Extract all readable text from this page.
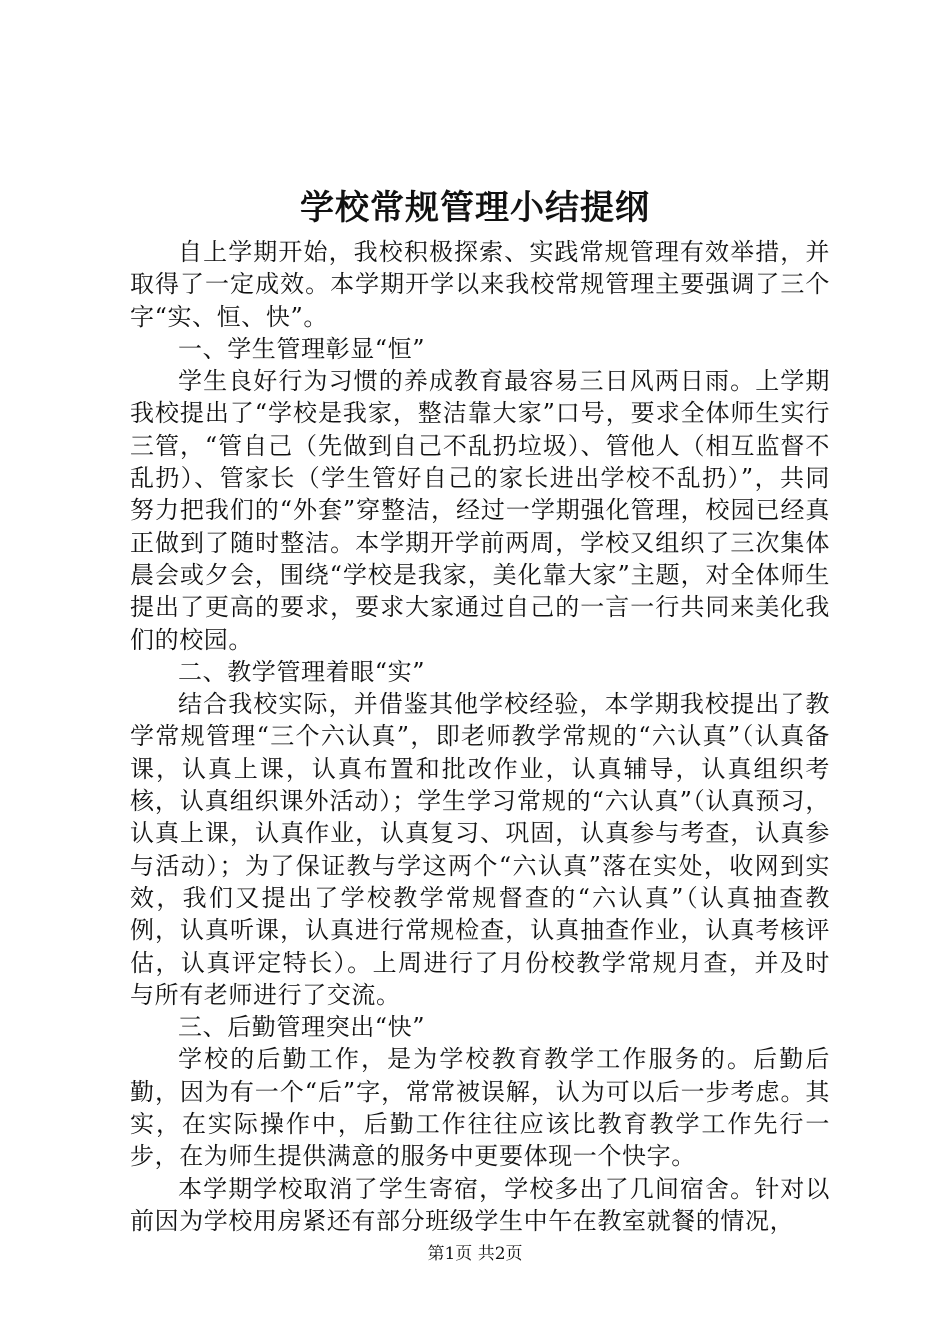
学校常规管理小结提纲

自上学期开始，我校积极探索、实践常规管理有效举措，并取得了一定成效。本学期开学以来我校常规管理主要强调了三个字“实、恒、快”。

一、学生管理彰显“恒”

学生良好行为习惯的养成教育最容易三日风两日雨。上学期我校提出了“学校是我家，整洁靠大家”口号，要求全体师生实行三管，“管自己（先做到自己不乱扔垃圾）、管他人（相互监督不乱扔）、管家长（学生管好自己的家长进出学校不乱扔）”，共同努力把我们的“外套”穿整洁，经过一学期强化管理，校园已经真正做到了随时整洁。本学期开学前两周，学校又组织了三次集体晨会或夕会，围绕“学校是我家，美化靠大家”主题，对全体师生提出了更高的要求，要求大家通过自己的一言一行共同来美化我们的校园。

二、教学管理着眼“实”

结合我校实际，并借鉴其他学校经验，本学期我校提出了教学常规管理“三个六认真”，即老师教学常规的“六认真”（认真备课，认真上课，认真布置和批改作业，认真辅导，认真组织考核，认真组织课外活动）；学生学习常规的“六认真”（认真预习，认真上课，认真作业，认真复习、巩固，认真参与考查，认真参与活动）；为了保证教与学这两个“六认真”落在实处，收网到实效，我们又提出了学校教学常规督查的“六认真”（认真抽查教例，认真听课，认真进行常规检查，认真抽查作业，认真考核评估，认真评定特长）。上周进行了月份校教学常规月查，并及时与所有老师进行了交流。

三、后勤管理突出“快”

学校的后勤工作，是为学校教育教学工作服务的。后勤后勤，因为有一个“后”字，常常被误解，认为可以后一步考虑。其实，在实际操作中，后勤工作往往应该比教育教学工作先行一步，在为师生提供满意的服务中更要体现一个快字。

本学期学校取消了学生寄宿，学校多出了几间宿舍。针对以前因为学校用房紧还有部分班级学生中午在教室就餐的情况，

第1页 共2页
